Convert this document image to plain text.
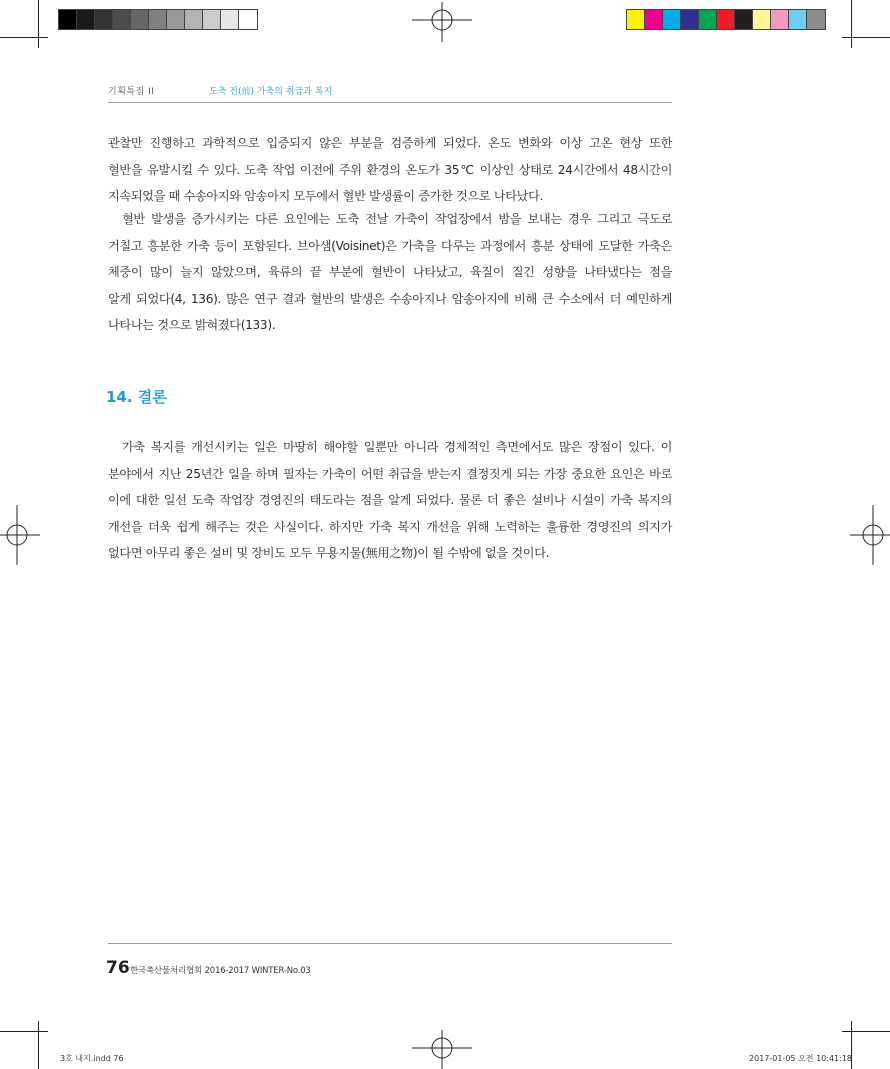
기획특집 II	도축 전(前) 가축의 취급과 복지
관찰만 진행하고 과학적으로 입증되지 않은 부분을 검증하게 되었다. 온도 변화와 이상 고온 현상 또한
혈반을 유발시킬 수 있다. 도축 작업 이전에 주위 환경의 온도가 35℃ 이상인 상태로 24시간에서 48시간이
지속되었을 때 수송아지와 암송아지 모두에서 혈반 발생률이 증가한 것으로 나타났다.
혈반 발생을 증가시키는 다른 요인에는 도축 전날 가축이 작업장에서 밤을 보내는 경우 그리고 극도로
거칠고 흥분한 가축 등이 포함된다. 브아샘(Voisinet)은 가축을 다루는 과정에서 흥분 상태에 도달한 가축은
체중이 많이 늘지 않았으며, 육류의 끝 부분에 혈반이 나타났고, 육질이 질긴 성향을 나타냈다는 점을
알게 되었다(4, 136). 많은 연구 결과 혈반의 발생은 수송아지나 암송아지에 비해 큰 수소에서 더 예민하게
나타나는 것으로 밝혀졌다(133).
14. 결론
가축 복지를 개선시키는 일은 마땅히 해야할 일뿐만 아니라 경제적인 측면에서도 많은 장점이 있다. 이
분야에서 지난 25년간 일을 하며 필자는 가축이 어떤 취급을 받는지 결정짓게 되는 가장 중요한 요인은 바로
이에 대한 일선 도축 작업장 경영진의 태도라는 점을 알게 되었다. 물론 더 좋은 설비나 시설이 가축 복지의
개선을 더욱 쉽게 해주는 것은 사실이다. 하지만 가축 복지 개선을 위해 노력하는 훌륭한 경영진의 의지가
없다면 아무리 좋은 설비 및 장비도 모두 무용지물(無用之物)이 될 수밖에 없을 것이다.
76 한국축산물처리협회 2016-2017 WINTER-No.03
3호 내지.indd 76	2017-01-05 오전 10:41:18
